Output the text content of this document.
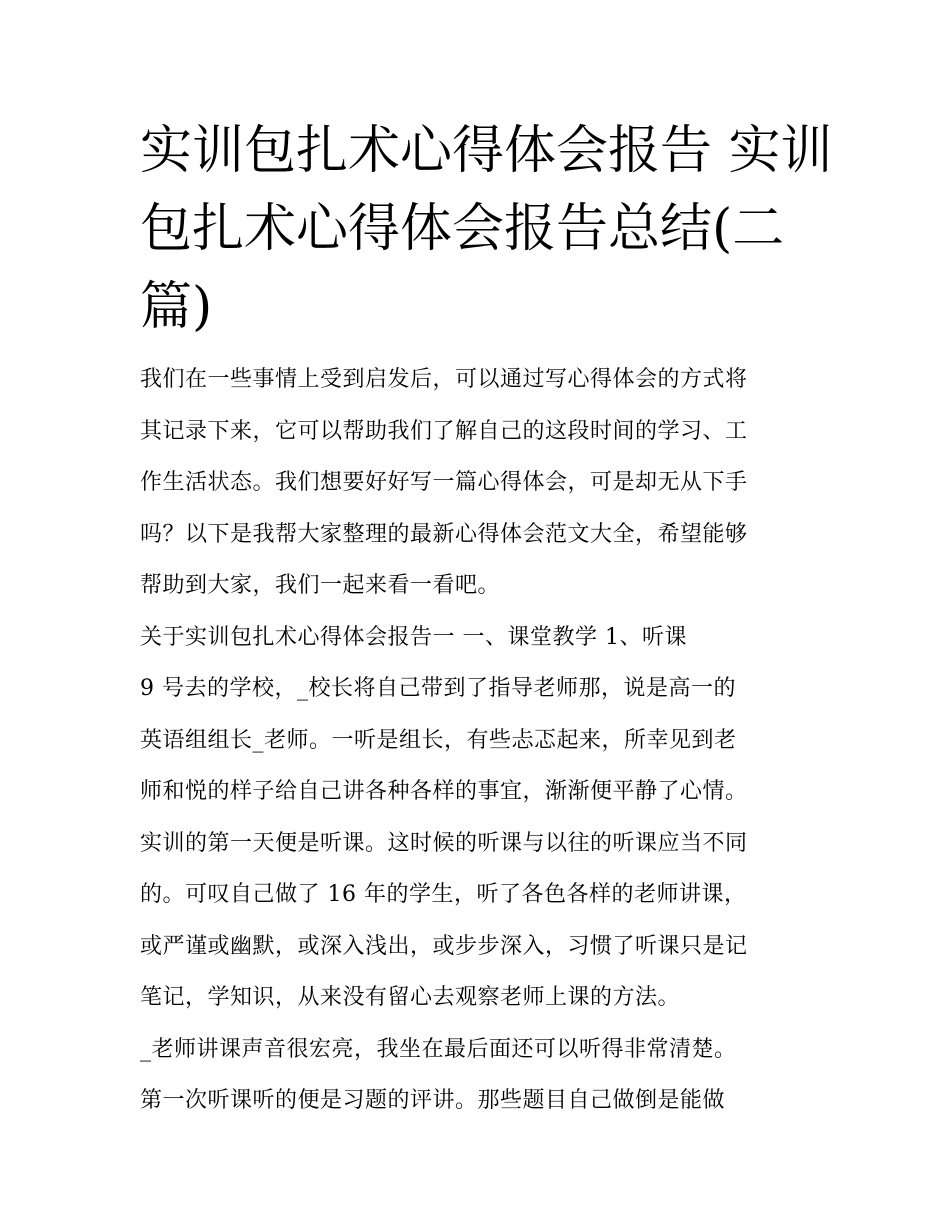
实训包扎术心得体会报告 实训
包扎术心得体会报告总结(二
篇)

我们在一些事情上受到启发后，可以通过写心得体会的方式将
其记录下来，它可以帮助我们了解自己的这段时间的学习、工
作生活状态。我们想要好好写一篇心得体会，可是却无从下手
吗？以下是我帮大家整理的最新心得体会范文大全，希望能够
帮助到大家，我们一起来看一看吧。

关于实训包扎术心得体会报告一 一、课堂教学 1、听课
9 号去的学校，_校长将自己带到了指导老师那，说是高一的
英语组组长_老师。一听是组长，有些忐忑起来，所幸见到老
师和悦的样子给自己讲各种各样的事宜，渐渐便平静了心情。
实训的第一天便是听课。这时候的听课与以往的听课应当不同
的。可叹自己做了 16 年的学生，听了各色各样的老师讲课，
或严谨或幽默，或深入浅出，或步步深入，习惯了听课只是记
笔记，学知识，从来没有留心去观察老师上课的方法。
_老师讲课声音很宏亮，我坐在最后面还可以听得非常清楚。
第一次听课听的便是习题的评讲。那些题目自己做倒是能做
